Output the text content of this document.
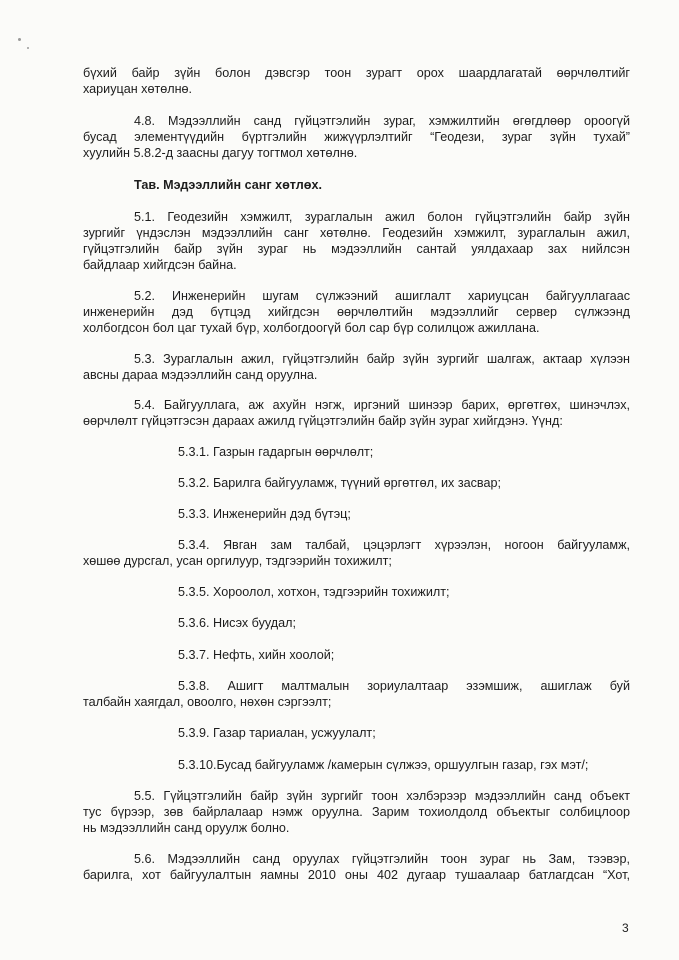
бүхий байр зүйн болон дэвсгэр тоон зурагт орох шаардлагатай өөрчлөлтийг
хариуцан хөтөлнө.
4.8. Мэдээллийн санд гүйцэтгэлийн зураг, хэмжилтийн өгөгдлөөр ороогүй
бусад элементүүдийн бүртгэлийн жижүүрлэлтийг “Геодези, зураг зүйн тухай”
хуулийн 5.8.2-д заасны дагуу тогтмол хөтөлнө.
Тав. Мэдээллийн санг хөтлөх.
5.1. Геодезийн хэмжилт, зураглалын ажил болон гүйцэтгэлийн байр зүйн
зургийг үндэслэн мэдээллийн санг хөтөлнө. Геодезийн хэмжилт, зураглалын ажил,
гүйцэтгэлийн байр зүйн зураг нь мэдээллийн сантай уялдахаар зах нийлсэн
байдлаар хийгдсэн байна.
5.2. Инженерийн шугам сүлжээний ашиглалт хариуцсан байгууллагаас
инженерийн дэд бүтцэд хийгдсэн өөрчлөлтийн мэдээллийг сервер сүлжээнд
холбогдсон бол цаг тухай бүр, холбогдоогүй бол сар бүр солилцож ажиллана.
5.3. Зураглалын ажил, гүйцэтгэлийн байр зүйн зургийг шалгаж, актаар хүлээн
авсны дараа мэдээллийн санд оруулна.
5.4. Байгууллага, аж ахуйн нэгж, иргэний шинээр барих, өргөтгөх, шинэчлэх,
өөрчлөлт гүйцэтгэсэн дараах ажилд гүйцэтгэлийн байр зүйн зураг хийгдэнэ. Үүнд:
5.3.1. Газрын гадаргын өөрчлөлт;
5.3.2. Барилга байгууламж, түүний өргөтгөл, их засвар;
5.3.3. Инженерийн дэд бүтэц;
5.3.4. Явган зам талбай, цэцэрлэгт хүрээлэн, ногоон байгууламж,
хөшөө дурсгал, усан оргилуур, тэдгээрийн тохижилт;
5.3.5. Хороолол, хотхон, тэдгээрийн тохижилт;
5.3.6. Нисэх буудал;
5.3.7. Нефть, хийн хоолой;
5.3.8. Ашигт малтмалын зориулалтаар эзэмшиж, ашиглаж буй
талбайн хаягдал, овоолго, нөхөн сэргээлт;
5.3.9. Газар тариалан, усжуулалт;
5.3.10.Бусад байгууламж /камерын сүлжээ, оршуулгын газар, гэх мэт/;
5.5. Гүйцэтгэлийн байр зүйн зургийг тоон хэлбэрээр мэдээллийн санд объект
тус бүрээр, зөв байрлалаар нэмж оруулна. Зарим тохиолдолд объектыг солбицлоор
нь мэдээллийн санд оруулж болно.
5.6. Мэдээллийн санд оруулах гүйцэтгэлийн тоон зураг нь Зам, тээвэр,
барилга, хот байгуулалтын яамны 2010 оны 402 дугаар тушаалаар батлагдсан “Хот,
3
